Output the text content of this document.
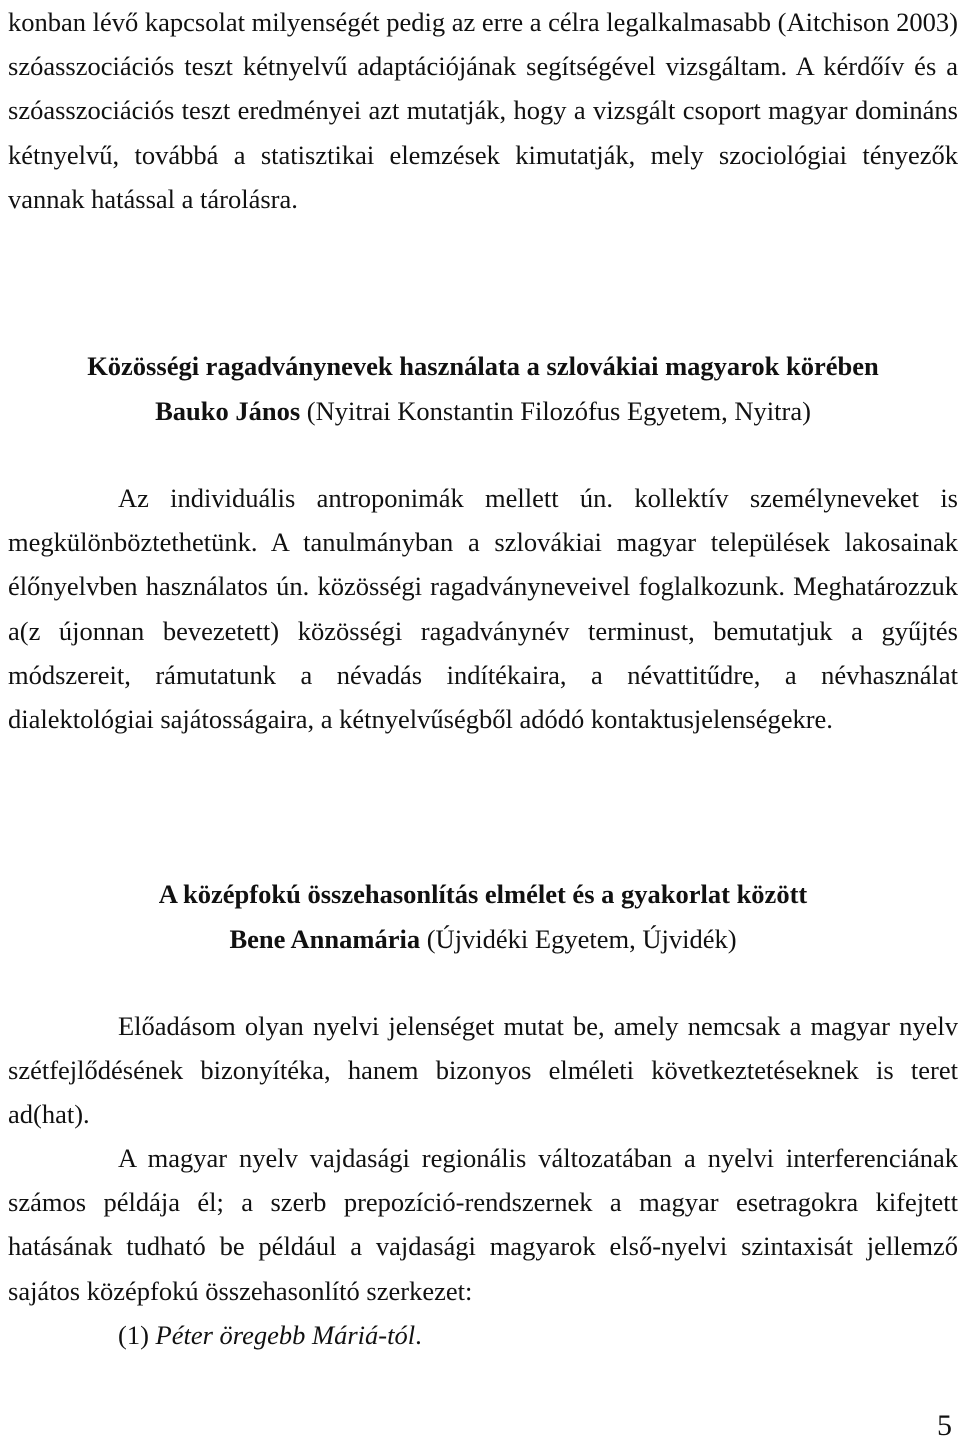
konban lévő kapcsolat milyenségét pedig az erre a célra legalkalmasabb (Aitchison 2003) szóasszociációs teszt kétnyelvű adaptációjának segítségével vizsgáltam. A kérdőív és a szóasszociációs teszt eredményei azt mutatják, hogy a vizsgált csoport magyar domináns kétnyelvű, továbbá a statisztikai elemzések kimutatják, mely szociológiai tényezők vannak hatással a tárolásra.

Közösségi ragadványnevek használata a szlovákiai magyarok körében

Bauko János (Nyitrai Konstantin Filozófus Egyetem, Nyitra)

Az individuális antroponimák mellett ún. kollektív személyneveket is megkülönböztethetünk. A tanulmányban a szlovákiai magyar települések lakosainak élőnyelvben használatos ún. közösségi ragadványneveivel foglalkozunk. Meghatározzuk a(z újonnan bevezetett) közösségi ragadványnév terminust, bemutatjuk a gyűjtés módszereit, rámutatunk a névadás indítékaira, a névattitűdre, a névhasználat dialektológiai sajátosságaira, a kétnyelvűségből adódó kontaktusjelenségekre.

A középfokú összehasonlítás elmélet és a gyakorlat között

Bene Annamária (Újvidéki Egyetem, Újvidék)

Előadásom olyan nyelvi jelenséget mutat be, amely nemcsak a magyar nyelv szétfejlődésének bizonyítéka, hanem bizonyos elméleti következtetéseknek is teret ad(hat).

A magyar nyelv vajdasági regionális változatában a nyelvi interferenciának számos példája él; a szerb prepozíció-rendszernek a magyar esetragokra kifejtett hatásának tudható be például a vajdasági magyarok első-nyelvi szintaxisát jellemző sajátos középfokú összehasonlító szerkezet:

(1) Péter öregebb Máriá-tól.

5
